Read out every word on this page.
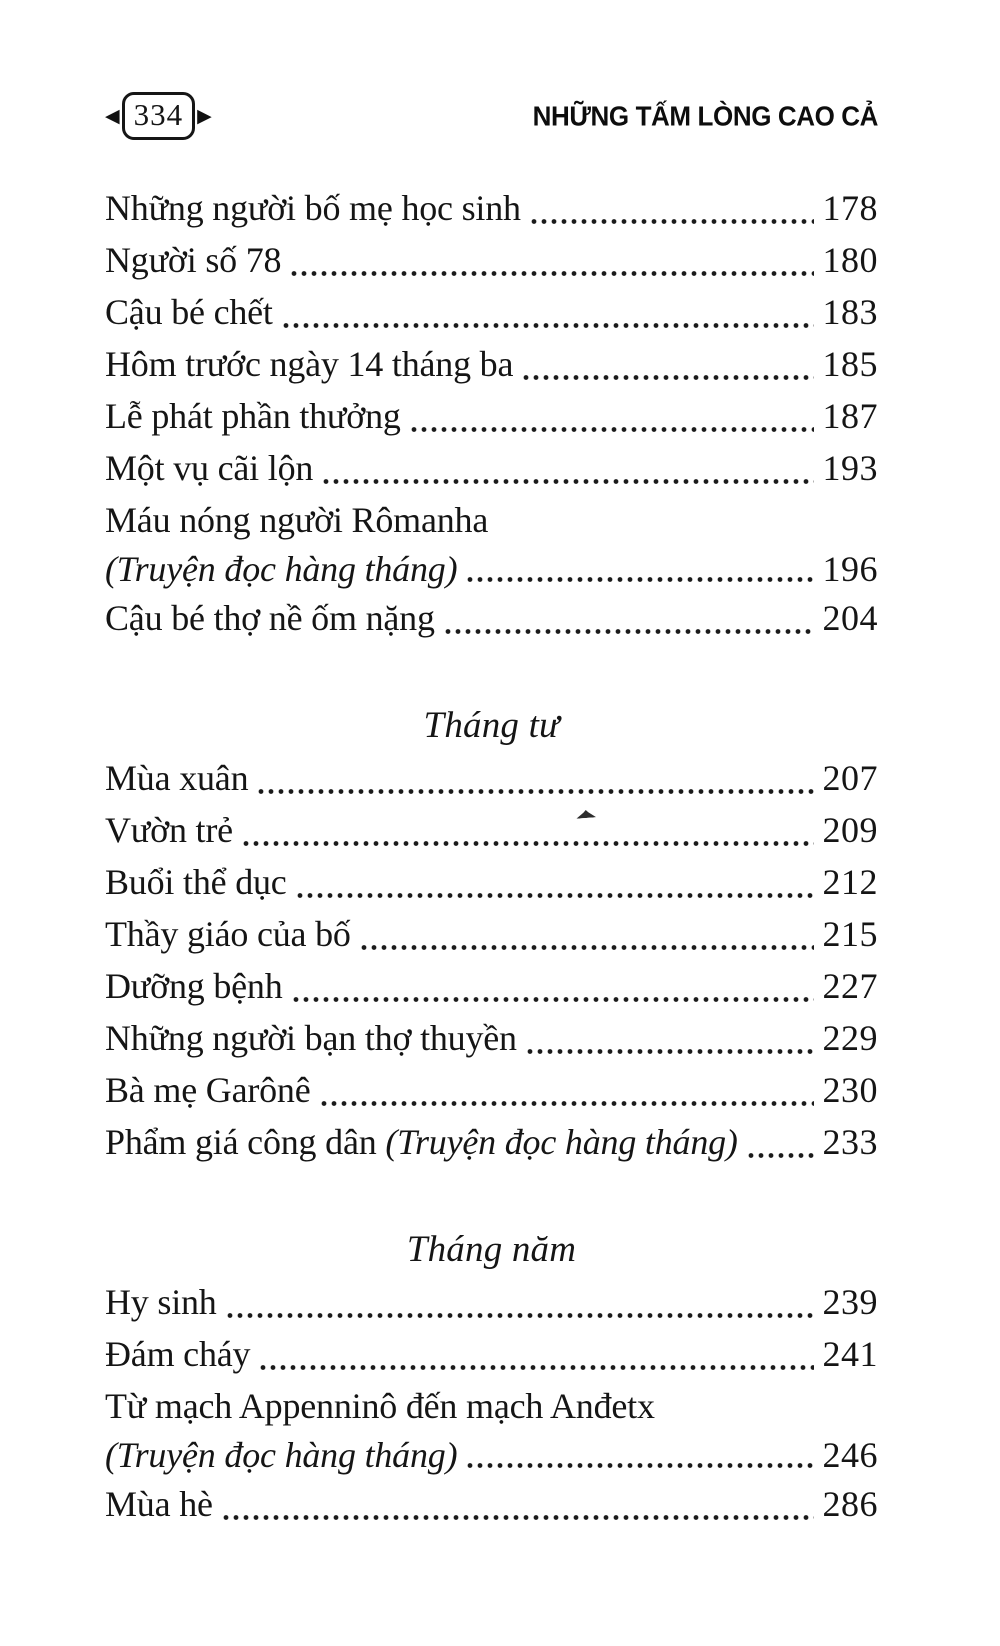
◀ 334 ▶	NHỮNG TẤM LÒNG CAO CẢ
Những người bố mẹ học sinh	178
Người số 78	180
Cậu bé chết	183
Hôm trước ngày 14 tháng ba	185
Lễ phát phần thưởng	187
Một vụ cãi lộn	193
Máu nóng người Rômanha
(Truyện đọc hàng tháng)	196
Cậu bé thợ nề ốm nặng	204
Tháng tư
Mùa xuân	207
Vườn trẻ	209
Buổi thể dục	212
Thầy giáo của bố	215
Dưỡng bệnh	227
Những người bạn thợ thuyền	229
Bà mẹ Garônê	230
Phẩm giá công dân (Truyện đọc hàng tháng) 233
Tháng năm
Hy sinh	239
Đám cháy	241
Từ mạch Appenninô đến mạch Anđetx
(Truyện đọc hàng tháng)	246
Mùa hè	286
